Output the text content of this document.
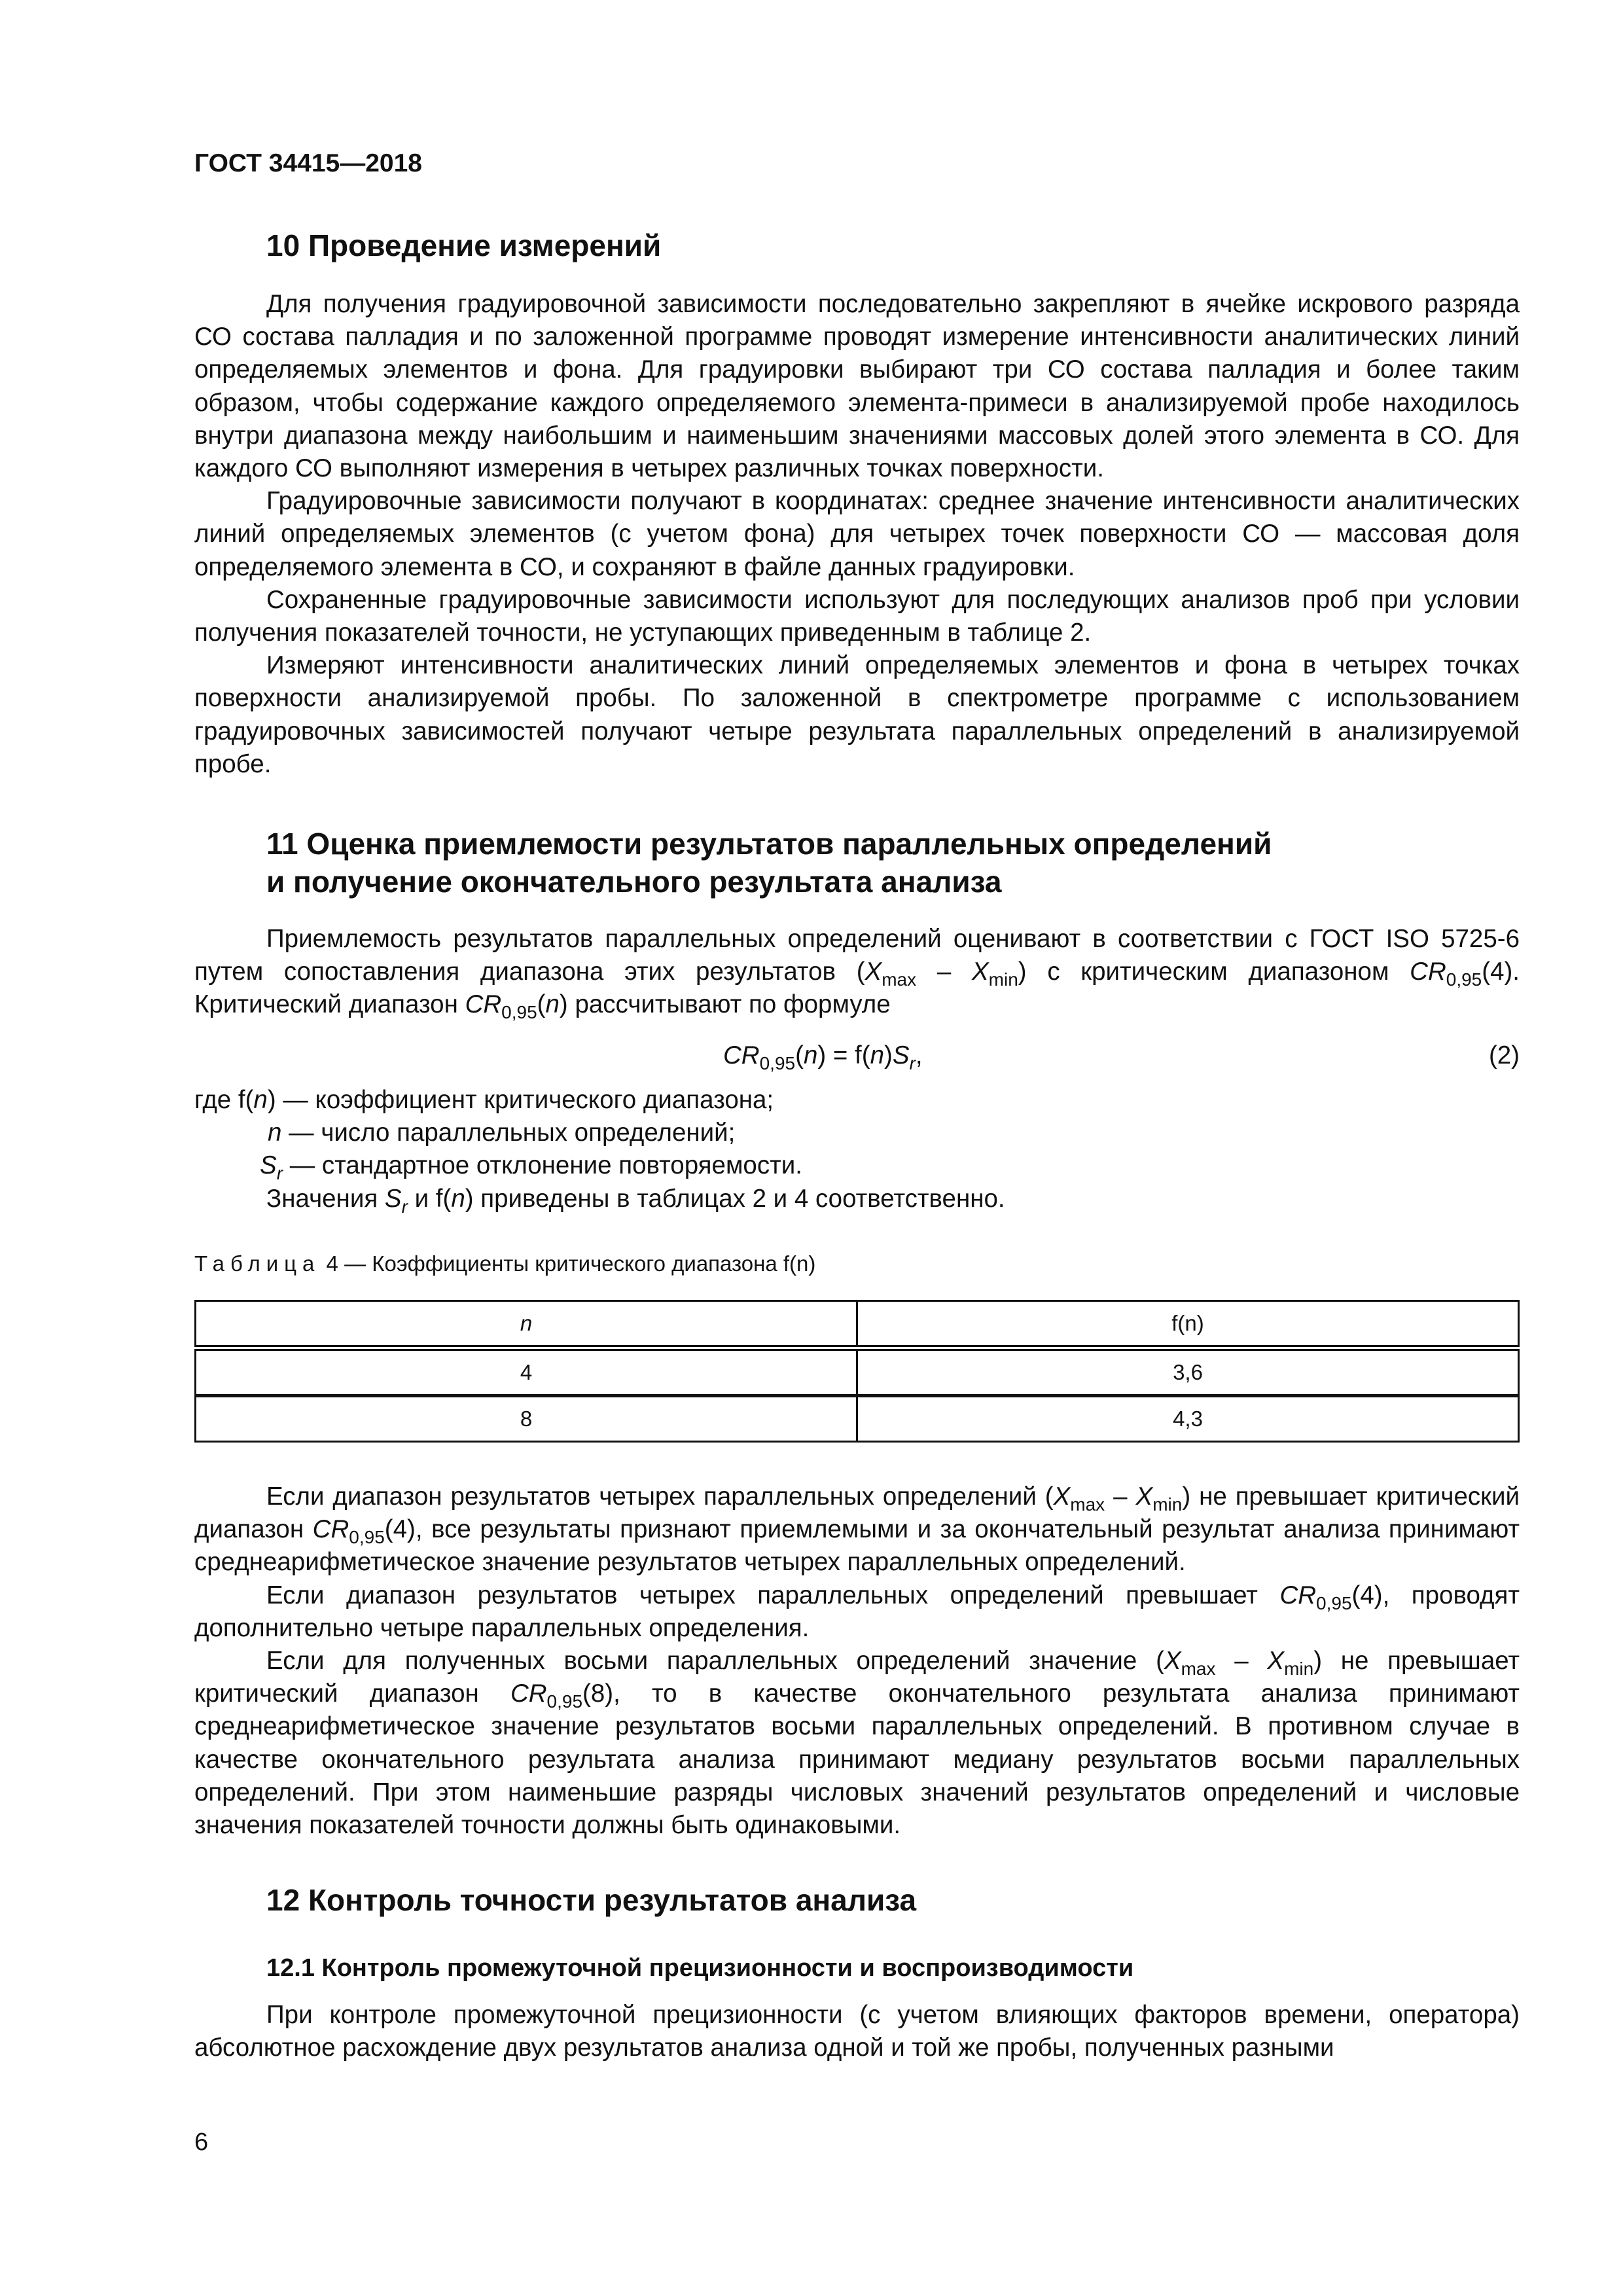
ГОСТ 34415—2018
10 Проведение измерений

Для получения градуировочной зависимости последовательно закрепляют в ячейке искрового разряда СО состава палладия и по заложенной программе проводят измерение интенсивности аналитических линий определяемых элементов и фона. Для градуировки выбирают три СО состава палладия и более таким образом, чтобы содержание каждого определяемого элемента-примеси в анализируемой пробе находилось внутри диапазона между наибольшим и наименьшим значениями массовых долей этого элемента в СО. Для каждого СО выполняют измерения в четырех различных точках поверхности.

Градуировочные зависимости получают в координатах: среднее значение интенсивности аналитических линий определяемых элементов (с учетом фона) для четырех точек поверхности СО — массовая доля определяемого элемента в СО, и сохраняют в файле данных градуировки.

Сохраненные градуировочные зависимости используют для последующих анализов проб при условии получения показателей точности, не уступающих приведенным в таблице 2.

Измеряют интенсивности аналитических линий определяемых элементов и фона в четырех точках поверхности анализируемой пробы. По заложенной в спектрометре программе с использованием градуировочных зависимостей получают четыре результата параллельных определений в анализируемой пробе.

11 Оценка приемлемости результатов параллельных определений
и получение окончательного результата анализа

Приемлемость результатов параллельных определений оценивают в соответствии с ГОСТ ISO 5725-6 путем сопоставления диапазона этих результатов $(X_{max} - X_{min})$ с критическим диапазоном $CR_{0,95}(4)$. Критический диапазон $CR_{0,95}(n)$ рассчитывают по формуле

$CR_{0,95}(n) = f(n)S_r$,	(2)

где f(n) — коэффициент критического диапазона;

n — число параллельных определений;

$S_r$ — стандартное отклонение повторяемости.

Значения $S_r$ и f(n) приведены в таблицах 2 и 4 соответственно.

Таблица 4 — Коэффициенты критического диапазона f(n)
n	f(n)
4	3,6
8	4,3

Если диапазон результатов четырех параллельных определений $(X_{max} - X_{min})$ не превышает критический диапазон $CR_{0,95}(4)$, все результаты признают приемлемыми и за окончательный результат анализа принимают среднеарифметическое значение результатов четырех параллельных определений.

Если диапазон результатов четырех параллельных определений превышает $CR_{0,95}(4)$, проводят дополнительно четыре параллельных определения.

Если для полученных восьми параллельных определений значение $(X_{max} - X_{min})$ не превышает критический диапазон $CR_{0,95}(8)$, то в качестве окончательного результата анализа принимают среднеарифметическое значение результатов восьми параллельных определений. В противном случае в качестве окончательного результата анализа принимают медиану результатов восьми параллельных определений. При этом наименьшие разряды числовых значений результатов определений и числовые значения показателей точности должны быть одинаковыми.

12 Контроль точности результатов анализа
12.1 Контроль промежуточной прецизионности и воспроизводимости

При контроле промежуточной прецизионности (с учетом влияющих факторов времени, оператора) абсолютное расхождение двух результатов анализа одной и той же пробы, полученных разными

6
